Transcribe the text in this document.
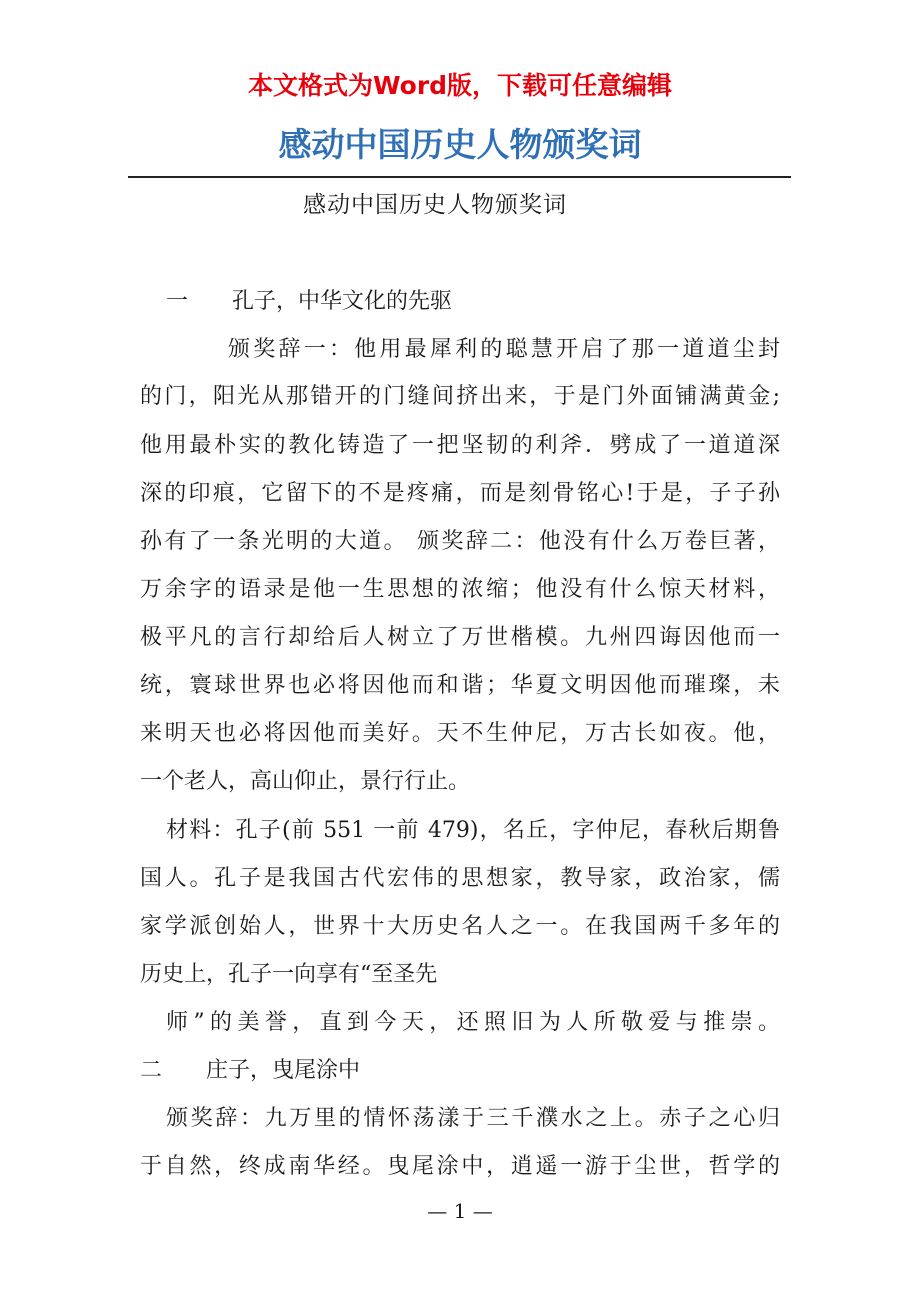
本文格式为Word版，下载可任意编辑
感动中国历史人物颁奖词
感动中国历史人物颁奖词
一　　孔子，中华文化的先驱
颁奖辞一：他用最犀利的聪慧开启了那一道道尘封
的门，阳光从那错开的门缝间挤出来，于是门外面铺满黄金;
他用最朴实的教化铸造了一把坚韧的利斧．劈成了一道道深
深的印痕，它留下的不是疼痛，而是刻骨铭心!于是，子子孙
孙有了一条光明的大道。 颁奖辞二：他没有什么万卷巨著，
万余字的语录是他一生思想的浓缩；他没有什么惊天材料，
极平凡的言行却给后人树立了万世楷模。九州四诲因他而一
统，寰球世界也必将因他而和谐；华夏文明因他而璀璨，未
来明天也必将因他而美好。天不生仲尼，万古长如夜。他，
一个老人，高山仰止，景行行止。
材料：孔子(前 551 一前 479)，名丘，字仲尼，春秋后期鲁
国人。孔子是我国古代宏伟的思想家，教导家，政治家，儒
家学派创始人，世界十大历史名人之一。在我国两千多年的
历史上，孔子一向享有“至圣先
师”的美誉，直到今天，还照旧为人所敬爱与推崇。
二　　庄子，曳尾涂中
颁奖辞：九万里的情怀荡漾于三千濮水之上。赤子之心归
于自然，终成南华经。曳尾涂中，逍遥一游于尘世，哲学的
— 1 —
